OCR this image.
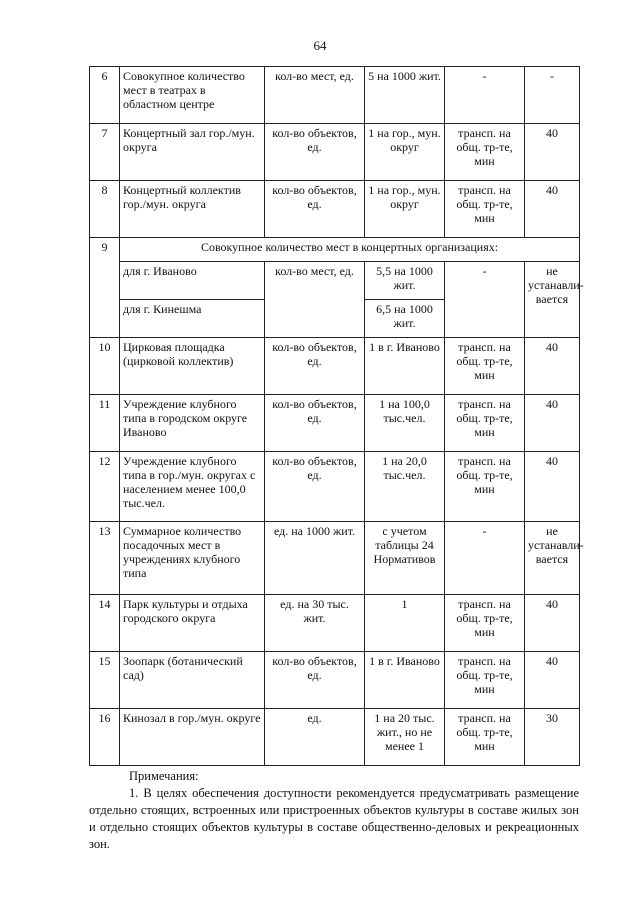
64
6	Совокупное количество мест в театрах в областном центре	кол-во мест, ед.	5 на 1000 жит.	-	-
7	Концертный зал гор./мун. округа	кол-во объектов, ед.	1 на гор., мун. округ	трансп. на общ. тр-те, мин	40
8	Концертный коллектив гор./мун. округа	кол-во объектов, ед.	1 на гор., мун. округ	трансп. на общ. тр-те, мин	40
9	Совокупное количество мест в концертных организациях:				
	для г. Иваново	кол-во мест, ед.	5,5 на 1000 жит.	-	не устанавли-вается
	для г. Кинешма		6,5 на 1000 жит.		
10	Цирковая площадка (цирковой коллектив)	кол-во объектов, ед.	1 в г. Иваново	трансп. на общ. тр-те, мин	40
11	Учреждение клубного типа в городском округе Иваново	кол-во объектов, ед.	1 на 100,0 тыс.чел.	трансп. на общ. тр-те, мин	40
12	Учреждение клубного типа в гор./мун. округах с населением менее 100,0 тыс.чел.	кол-во объектов, ед.	1 на 20,0 тыс.чел.	трансп. на общ. тр-те, мин	40
13	Суммарное количество посадочных мест в учреждениях клубного типа	ед. на 1000 жит.	с учетом таблицы 24 Нормативов	-	не устанавли-вается
14	Парк культуры и отдыха городского округа	ед. на 30 тыс. жит.	1	трансп. на общ. тр-те, мин	40
15	Зоопарк (ботанический сад)	кол-во объектов, ед.	1 в г. Иваново	трансп. на общ. тр-те, мин	40
16	Кинозал в гор./мун. округе	ед.	1 на 20 тыс. жит., но не менее 1	трансп. на общ. тр-те, мин	30
Примечания:

1. В целях обеспечения доступности рекомендуется предусматривать размещение отдельно стоящих, встроенных или пристроенных объектов культуры в составе жилых зон и отдельно стоящих объектов культуры в составе общественно-деловых и рекреационных зон.
